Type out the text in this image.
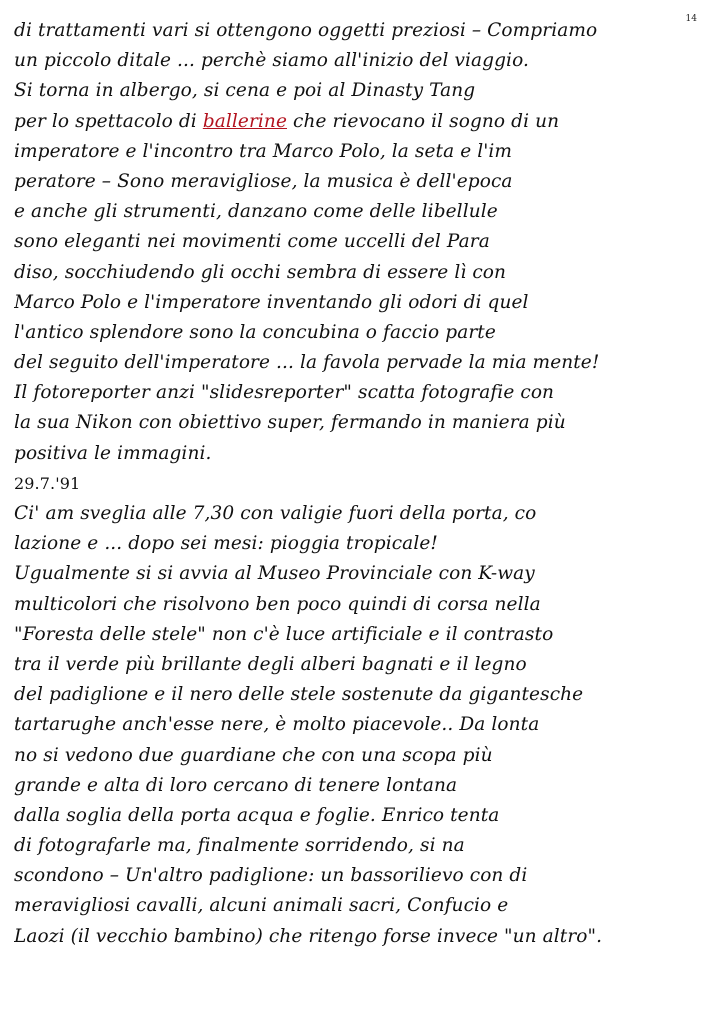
14
di trattamenti vari si ottengono oggetti preziosi – Compriamo
un piccolo ditale ... perchè siamo all'inizio del viaggio.
Si torna in albergo, si cena e poi al Dinasty Tang
per lo spettacolo di ballerine che rievocano il sogno di un
imperatore e l'incontro tra Marco Polo, la seta e l'im
peratore – Sono meravigliose, la musica è dell'epoca
e anche gli strumenti, danzano come delle libellule
sono eleganti nei movimenti come uccelli del Para
diso, socchiudendo gli occhi sembra di essere lì con
Marco Polo e l'imperatore inventando gli odori di quel
l'antico splendore sono la concubina o faccio parte
del seguito dell'imperatore ... la favola pervade la mia mente!
Il fotoreporter anzi "slidesreporter" scatta fotografie con
la sua Nikon con obiettivo super, fermando in maniera più
positiva le immagini.
29.7.'91
Ci' am sveglia alle 7,30 con valigie fuori della porta, co
lazione e ... dopo sei mesi: pioggia tropicale!
Ugualmente si si avvia al Museo Provinciale con K-way
multicolori che risolvono ben poco quindi di corsa nella
"Foresta delle stele" non c'è luce artificiale e il contrasto
tra il verde più brillante degli alberi bagnati e il legno
del padiglione e il nero delle stele sostenute da gigantesche
tartarughe anch'esse nere, è molto piacevole.. Da lonta
no si vedono due guardiane che con una scopa più
grande e alta di loro cercano di tenere lontana
dalla soglia della porta acqua e foglie. Enrico tenta
di fotografarle ma, finalmente sorridendo, si na
scondono – Un'altro padiglione: un bassorilievo con di
meravigliosi cavalli, alcuni animali sacri, Confucio e
Laozi (il vecchio bambino) che ritengo forse invece "un altro".
